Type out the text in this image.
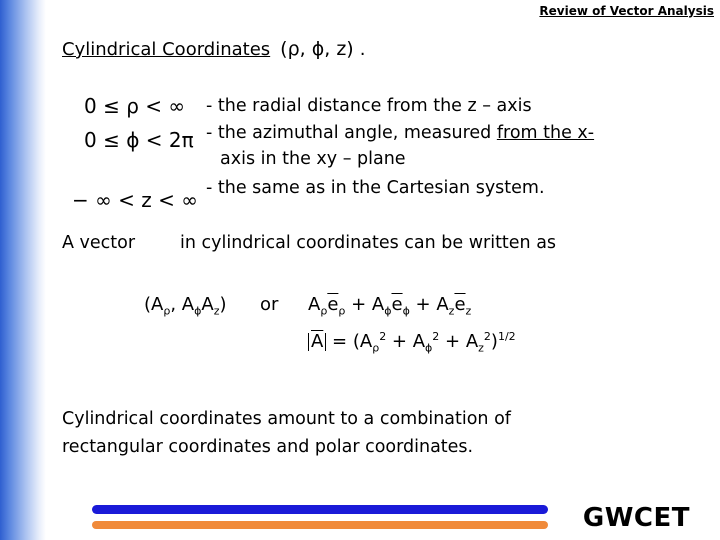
Review of Vector Analysis
Cylindrical Coordinates (ρ, ϕ, z) .
0 ≤ ρ < ∞
0 ≤ ϕ < 2π
− ∞ < z < ∞
- the radial distance from the z – axis
- the azimuthal angle, measured from the x-
axis in the xy – plane
- the same as in the Cartesian system.
A vector	in cylindrical coordinates can be written as
($A_\rho$, $A_\phi A_z$) or $A_\rho\overline{e}_\rho + A_\phi\overline{e}_\phi + A_z\overline{e}_z$
$\overline{A} = (A_\rho^2 + A_\phi^2 + A_z^2)^{1/2}$
Cylindrical coordinates amount to a combination of
rectangular coordinates and polar coordinates.
GWCET
